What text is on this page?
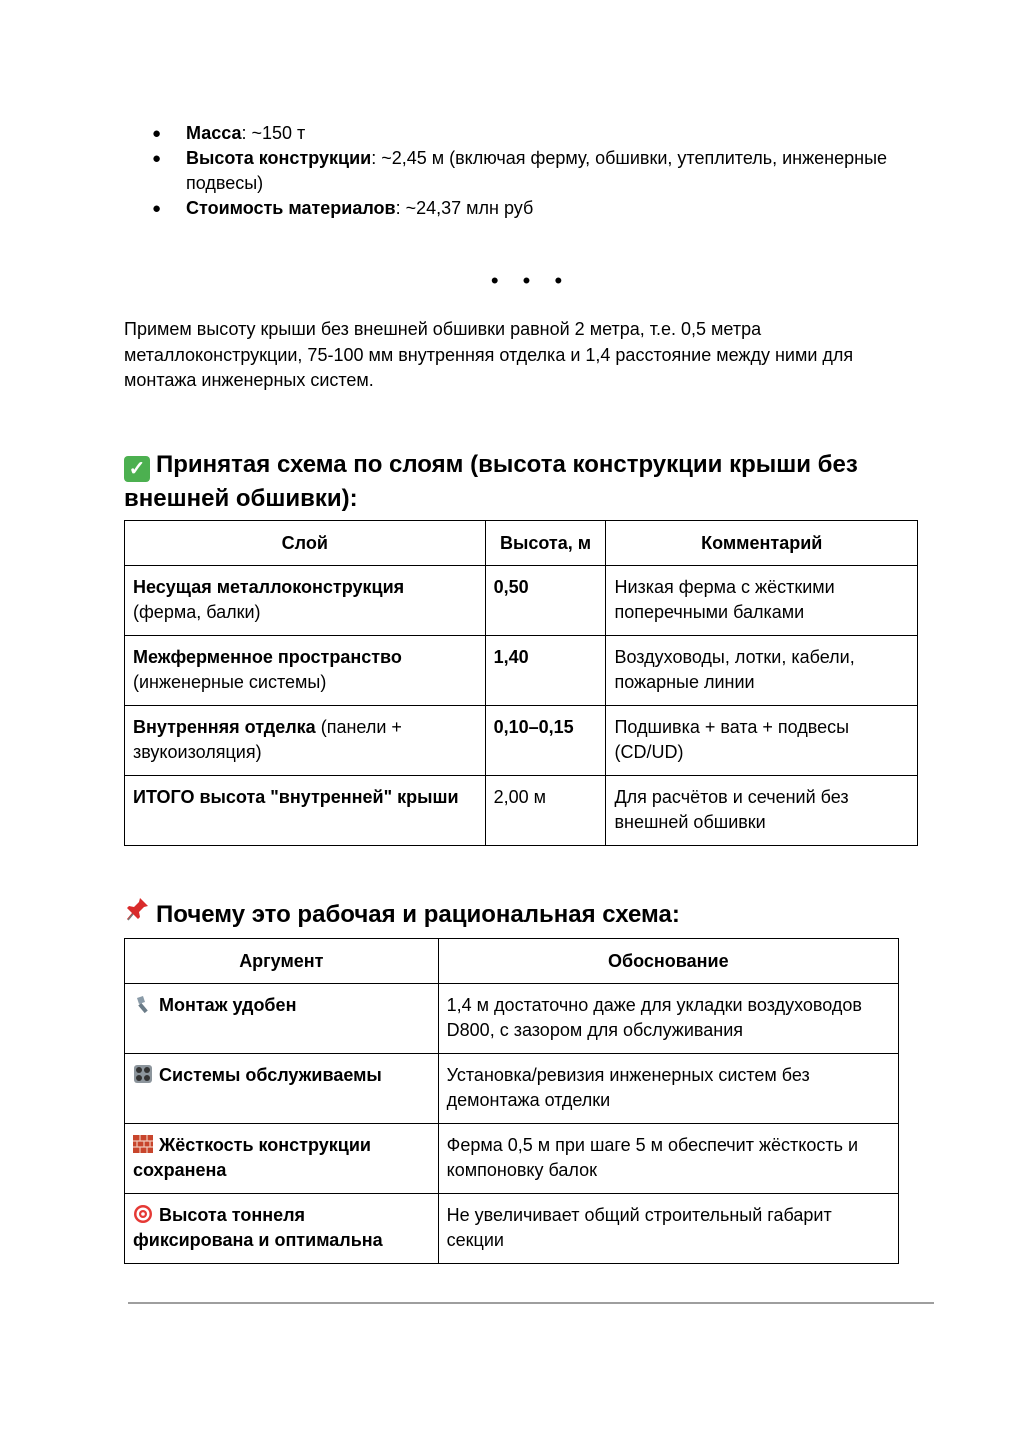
● Масса: ~150 т
● Высота конструкции: ~2,45 м (включая ферму, обшивки, утеплитель, инженерные подвесы)
● Стоимость материалов: ~24,37 млн руб
• • •

Примем высоту крыши без внешней обшивки равной 2 метра, т.е. 0,5 метра металлоконструкции, 75-100 мм внутренняя отделка и 1,4 расстояние между ними для монтажа инженерных систем.

✓ Принятая схема по слоям (высота конструкции крыши без внешней обшивки):
Слой	Высота, м	Комментарий
Несущая металлоконструкция
(ферма, балки)	0,50	Низкая ферма с жёсткими поперечными балками
Межферменное пространство
(инженерные системы)	1,40	Воздуховоды, лотки, кабели, пожарные линии
Внутренняя отделка (панели + звукоизоляция)	0,10–0,15	Подшивка + вата + подвесы (CD/UD)
ИТОГО высота "внутренней" крыши	2,00 м	Для расчётов и сечений без внешней обшивки
Почему это рабочая и рациональная схема:
Аргумент	Обоснование
Монтаж удобен	1,4 м достаточно даже для укладки воздуховодов D800, с зазором для обслуживания
Системы обслуживаемы	Установка/ревизия инженерных систем без демонтажа отделки
Жёсткость конструкции сохранена	Ферма 0,5 м при шаге 5 м обеспечит жёсткость и компоновку балок
Высота тоннеля фиксирована и оптимальна	Не увеличивает общий строительный габарит секции
